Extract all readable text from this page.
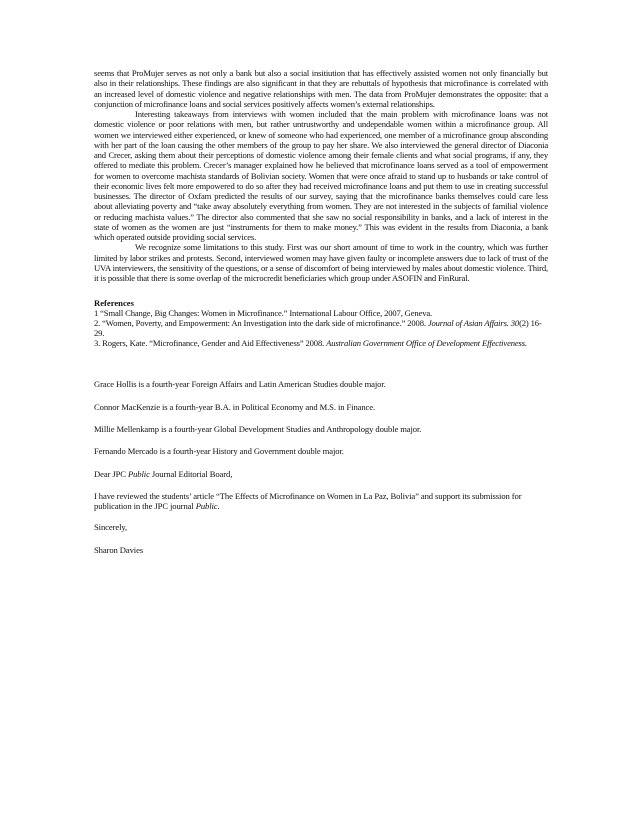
seems that ProMujer serves as not only a bank but also a social insitiution that has effectively assisted women not only financially but also in their relationships. These findings are also significant in that they are rebuttals of hypothesis that microfinance is correlated with an increased level of domestic violence and negative relationships with men. The data from ProMujer demonstrates the opposite: that a conjunction of microfinance loans and social services positively affects women’s external relationships.

Interesting takeaways from interviews with women included that the main problem with microfinance loans was not domestic violence or poor relations with men, but rather untrustworthy and undependable women within a microfinance group. All women we interviewed either experienced, or knew of someone who had experienced, one member of a microfinance group absconding with her part of the loan causing the other members of the group to pay her share. We also interviewed the general director of Diaconia and Crecer, asking them about their perceptions of domestic violence among their female clients and what social programs, if any, they offered to mediate this problem. Crecer’s manager explained how he believed that microfinance loans served as a tool of empowerment for women to overcome machista standards of Bolivian society. Women that were once afraid to stand up to husbands or take control of their economic lives felt more empowered to do so after they had received microfinance loans and put them to use in creating successful businesses. The director of Oxfam predicted the results of our survey, saying that the microfinance banks themselves could care less about alleviating poverty and “take away absolutely everything from women. They are not interested in the subjects of familial violence or reducing machista values.” The director also commented that she saw no social responsibility in banks, and a lack of interest in the state of women as the women are just “instruments for them to make money.” This was evident in the results from Diaconia, a bank which operated outside providing social services.

We recognize some limitations to this study. First was our short amount of time to work in the country, which was further limited by labor strikes and protests. Second, interviewed women may have given faulty or incomplete answers due to lack of trust of the UVA interviewers, the sensitivity of the questions, or a sense of discomfort of being interviewed by males about domestic violence. Third, it is possible that there is some overlap of the microcredit beneficiaries which group under ASOFIN and FinRural.

References

1 “Small Change, Big Changes: Women in Microfinance.” International Labour Office, 2007, Geneva.

2. “Women, Poverty, and Empowerment: An Investigation into the dark side of microfinance.” 2008. Journal of Asian Affairs. 30(2) 16-29.

3. Rogers, Kate. “Microfinance, Gender and Aid Effectiveness” 2008. Australian Government Office of Development Effectiveness.

Grace Hollis is a fourth-year Foreign Affairs and Latin American Studies double major.

Connor MacKenzie is a fourth-year B.A. in Political Economy and M.S. in Finance.

Millie Mellenkamp is a fourth-year Global Development Studies and Anthropology double major.

Fernando Mercado is a fourth-year History and Government double major.

Dear JPC Public Journal Editorial Board,

I have reviewed the students’ article “The Effects of Microfinance on Women in La Paz, Bolivia” and support its submission for publication in the JPC journal Public.

Sincerely,

Sharon Davies
